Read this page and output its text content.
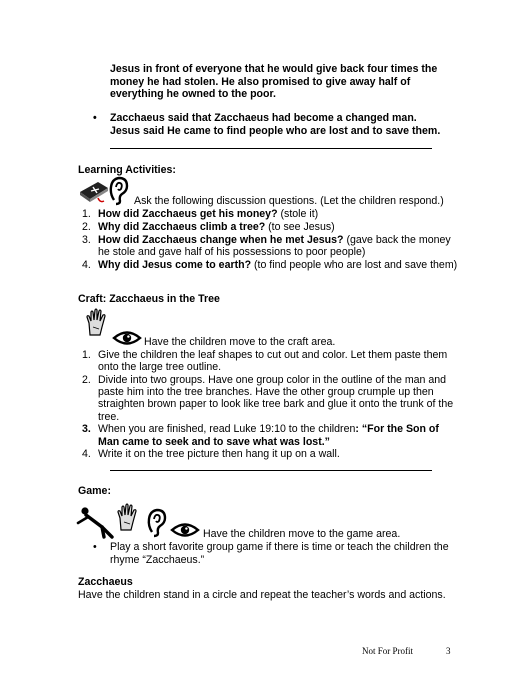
Jesus in front of everyone that he would give back four times the money he had stolen. He also promised to give away half of everything he owned to the poor.
• Zacchaeus said that Zacchaeus had become a changed man. Jesus said He came to find people who are lost and to save them.
Learning Activities:
Ask the following discussion questions. (Let the children respond.)
1. How did Zacchaeus get his money? (stole it)
2. Why did Zacchaeus climb a tree? (to see Jesus)
3. How did Zacchaeus change when he met Jesus? (gave back the money he stole and gave half of his possessions to poor people)
4. Why did Jesus come to earth? (to find people who are lost and save them)
Craft: Zacchaeus in the Tree
Have the children move to the craft area.
1. Give the children the leaf shapes to cut out and color. Let them paste them onto the large tree outline.
2. Divide into two groups. Have one group color in the outline of the man and paste him into the tree branches. Have the other group crumple up then straighten brown paper to look like tree bark and glue it onto the trunk of the tree.
3. When you are finished, read Luke 19:10 to the children: “For the Son of Man came to seek and to save what was lost.”
4. Write it on the tree picture then hang it up on a wall.
Game:
Have the children move to the game area.
• Play a short favorite group game if there is time or teach the children the rhyme “Zacchaeus.”
Zacchaeus
Have the children stand in a circle and repeat the teacher’s words and actions.
Not For Profit	3
